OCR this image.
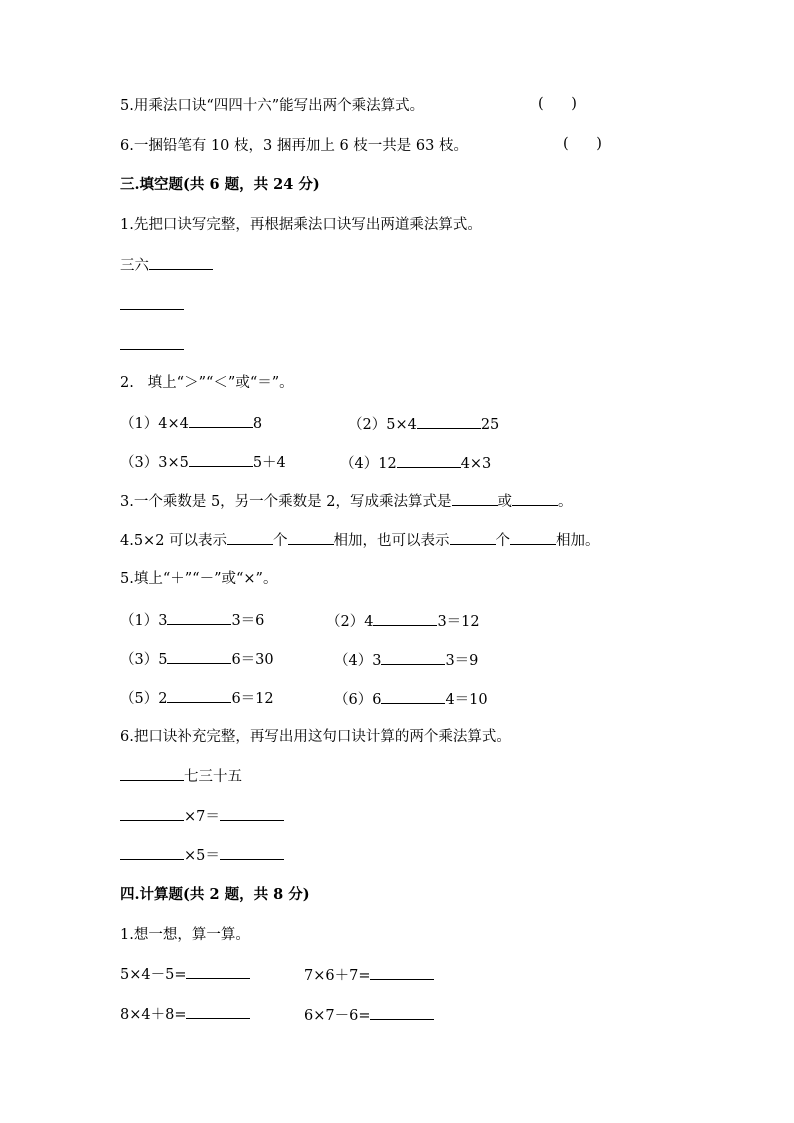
5.用乘法口诀“四四十六”能写出两个乘法算式。	(      )
6.一捆铅笔有 10 枝，3 捆再加上 6 枝一共是 63 枝。	(      )
三.填空题(共 6 题，共 24 分)
1.先把口诀写完整，再根据乘法口诀写出两道乘法算式。
三六
2.   填上“＞”“＜”或“＝”。
（1）4×4	8	（2）5×4	25
（3）3×5	5＋4	（4）12	4×3
3.一个乘数是 5，另一个乘数是 2，写成乘法算式是	或	。
4.5×2 可以表示	个	相加，也可以表示	个	相加。
5.填上“＋”“－”或“×”。
（1）3	3＝6	（2）4	3＝12
（3）5	6＝30	（4）3	3＝9
（5）2	6＝12	（6）6	4＝10
6.把口诀补充完整，再写出用这句口诀计算的两个乘法算式。
七三十五
×7＝
×5＝
四.计算题(共 2 题，共 8 分)
1.想一想，算一算。
5×4－5=	7×6＋7=
8×4＋8=	6×7－6=
